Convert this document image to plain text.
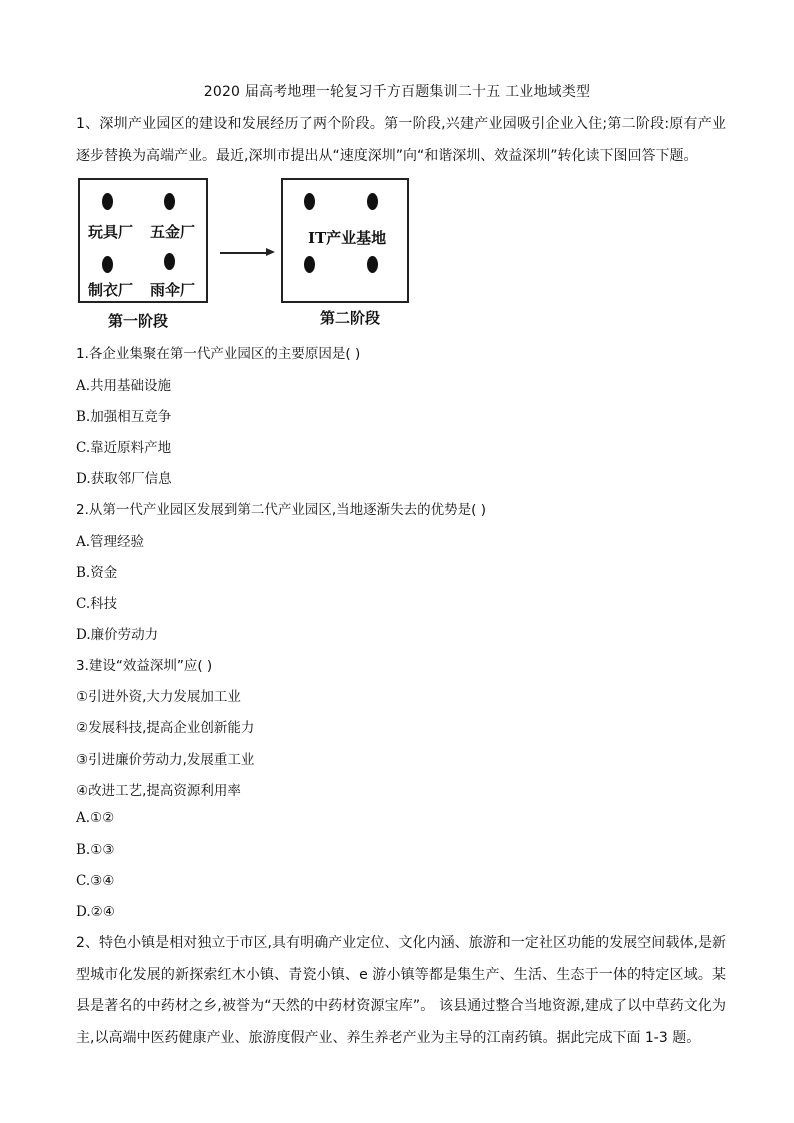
2020 届高考地理一轮复习千方百题集训二十五 工业地域类型
1、深圳产业园区的建设和发展经历了两个阶段。第一阶段,兴建产业园吸引企业入住;第二阶段:原有产业逐步替换为高端产业。最近,深圳市提出从“速度深圳”向“和谐深圳、效益深圳”转化读下图回答下题。
玩具厂 五金厂
制衣厂 雨伞厂
第一阶段
IT产业基地
第二阶段
1.各企业集聚在第一代产业园区的主要原因是( )
A.共用基础设施
B.加强相互竞争
C.靠近原料产地
D.获取邻厂信息
2.从第一代产业园区发展到第二代产业园区,当地逐渐失去的优势是( )
A.管理经验
B.资金
C.科技
D.廉价劳动力
3.建设“效益深圳”应( )
①引进外资,大力发展加工业
②发展科技,提高企业创新能力
③引进廉价劳动力,发展重工业
④改进工艺,提高资源利用率
A.①②
B.①③
C.③④
D.②④
2、特色小镇是相对独立于市区,具有明确产业定位、文化内涵、旅游和一定社区功能的发展空间载体,是新型城市化发展的新探索红木小镇、青瓷小镇、e 游小镇等都是集生产、生活、生态于一体的特定区域。某县是著名的中药材之乡,被誉为“天然的中药材资源宝库”。 该县通过整合当地资源,建成了以中草药文化为主,以高端中医药健康产业、旅游度假产业、养生养老产业为主导的江南药镇。据此完成下面 1-3 题。
